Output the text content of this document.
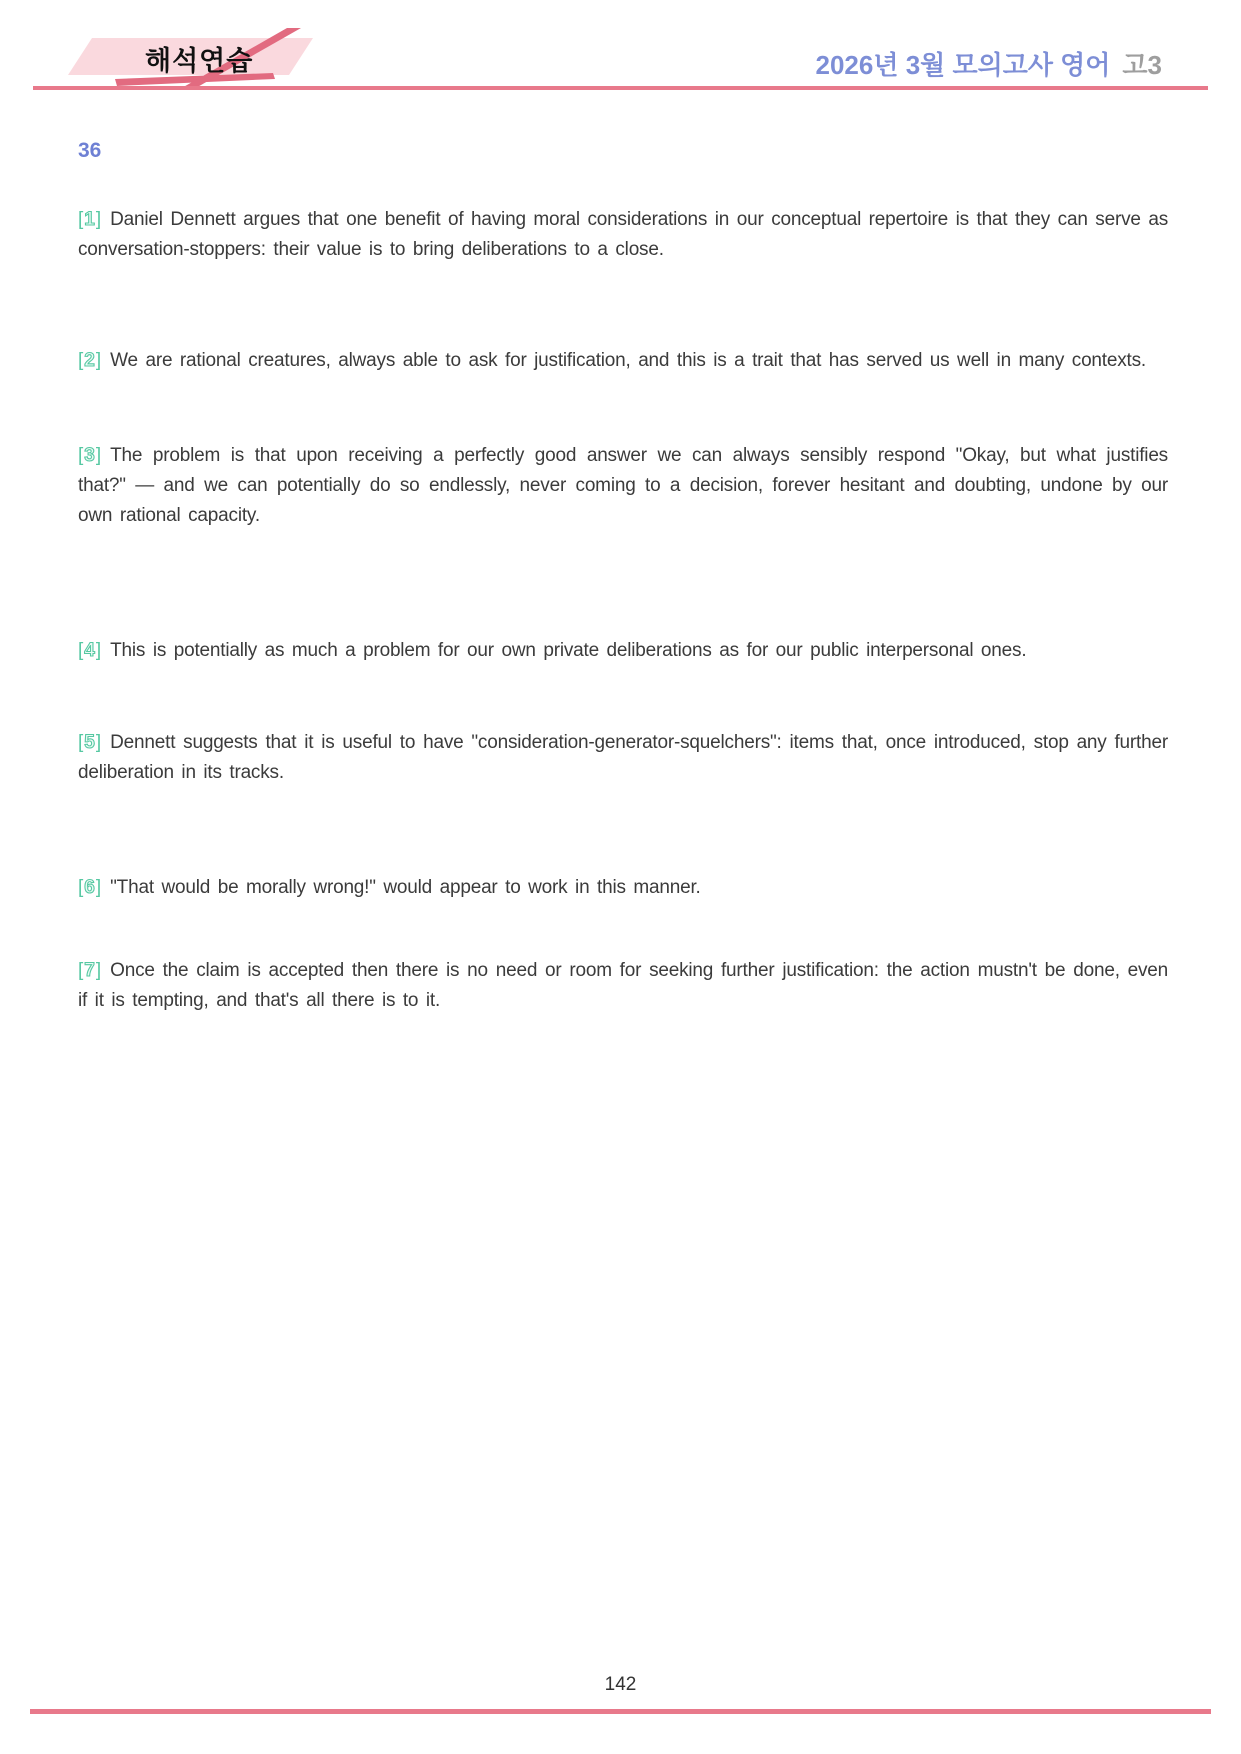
해석연습	2026년 3월 모의고사 영어 고3
36

[1] Daniel Dennett argues that one benefit of having moral considerations in our conceptual repertoire is that they can serve as conversation-stoppers: their value is to bring deliberations to a close.

[2] We are rational creatures, always able to ask for justification, and this is a trait that has served us well in many contexts.

[3] The problem is that upon receiving a perfectly good answer we can always sensibly respond "Okay, but what justifies that?" — and we can potentially do so endlessly, never coming to a decision, forever hesitant and doubting, undone by our own rational capacity.

[4] This is potentially as much a problem for our own private deliberations as for our public interpersonal ones.

[5] Dennett suggests that it is useful to have "consideration-generator-squelchers": items that, once introduced, stop any further deliberation in its tracks.

[6] "That would be morally wrong!" would appear to work in this manner.

[7] Once the claim is accepted then there is no need or room for seeking further justification: the action mustn't be done, even if it is tempting, and that's all there is to it.

142
